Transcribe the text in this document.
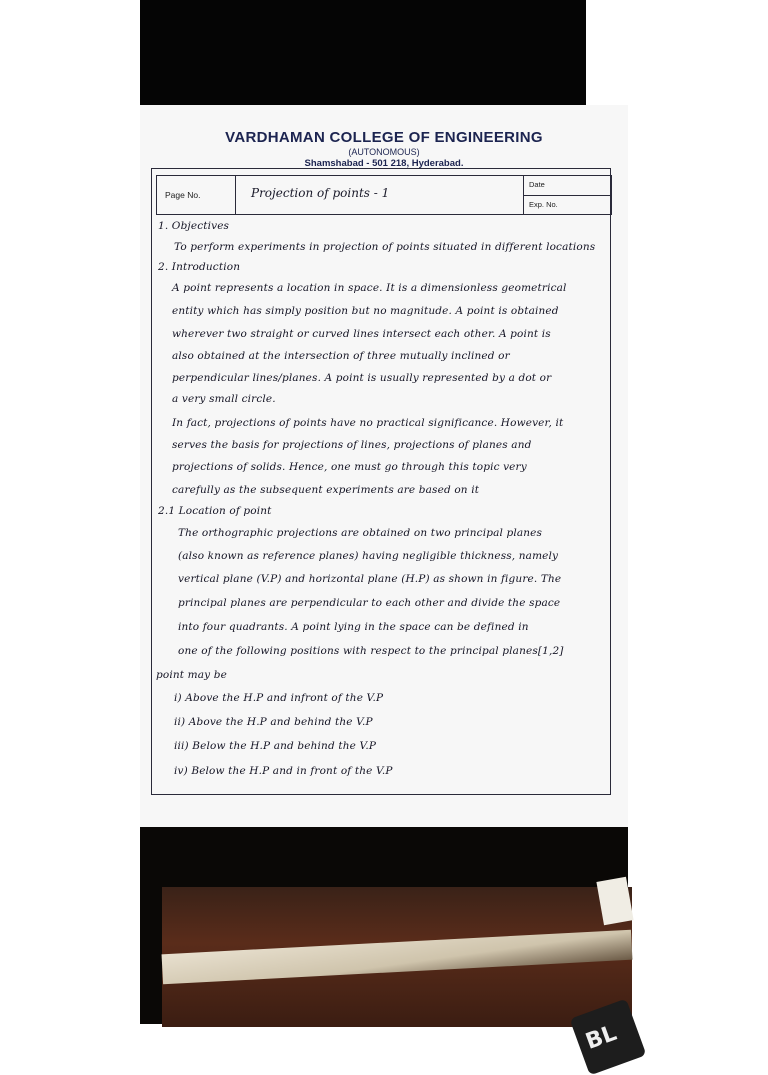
VARDHAMAN COLLEGE OF ENGINEERING
(AUTONOMOUS)
Shamshabad - 501 218, Hyderabad.
Page No.	Projection of points - 1
Date
Exp. No.
1. Objectives
To perform experiments in projection of points situated in different locations
2. Introduction
A point represents a location in space. It is a dimensionless geometrical
entity which has simply position but no magnitude. A point is obtained
wherever two straight or curved lines intersect each other. A point is
also obtained at the intersection of three mutually inclined or
perpendicular lines/planes. A point is usually represented by a dot or
a very small circle.
In fact, projections of points have no practical significance. However, it
serves the basis for projections of lines, projections of planes and
projections of solids. Hence, one must go through this topic very
carefully as the subsequent experiments are based on it
2.1 Location of point
The orthographic projections are obtained on two principal planes
(also known as reference planes) having negligible thickness, namely
vertical plane (V.P) and horizontal plane (H.P) as shown in figure. The
principal planes are perpendicular to each other and divide the space
into four quadrants. A point lying in the space can be defined in
one of the following positions with respect to the principal planes[1,2]
point may be
i) Above the H.P and infront of the V.P
ii) Above the H.P and behind the V.P
iii) Below the H.P and behind the V.P
iv) Below the H.P and in front of the V.P
BL
